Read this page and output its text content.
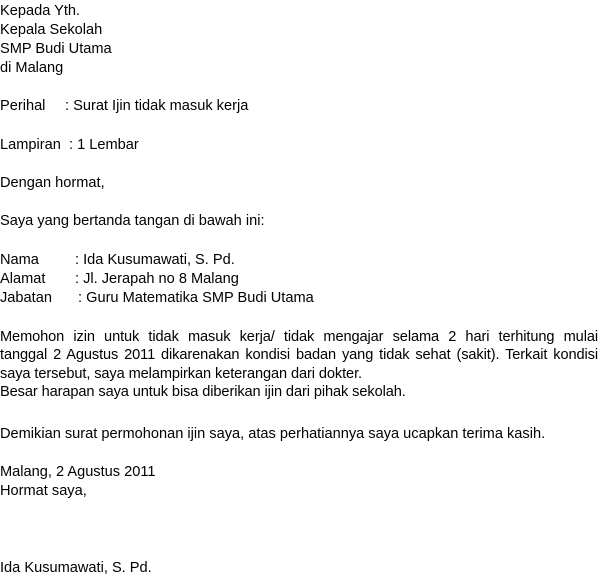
Kepada Yth.
Kepala Sekolah
SMP Budi Utama
di Malang
Perihal : Surat Ijin tidak masuk kerja
Lampiran : 1 Lembar
Dengan hormat,
Saya yang bertanda tangan di bawah ini:
Nama : Ida Kusumawati, S. Pd.
Alamat : Jl. Jerapah no 8 Malang
Jabatan : Guru Matematika SMP Budi Utama
Memohon izin untuk tidak masuk kerja/ tidak mengajar selama 2 hari terhitung mulai
tanggal 2 Agustus 2011 dikarenakan kondisi badan yang tidak sehat (sakit). Terkait kondisi
saya tersebut, saya melampirkan keterangan dari dokter.
Besar harapan saya untuk bisa diberikan ijin dari pihak sekolah.
Demikian surat permohonan ijin saya, atas perhatiannya saya ucapkan terima kasih.
Malang, 2 Agustus 2011
Hormat saya,
Ida Kusumawati, S. Pd.
